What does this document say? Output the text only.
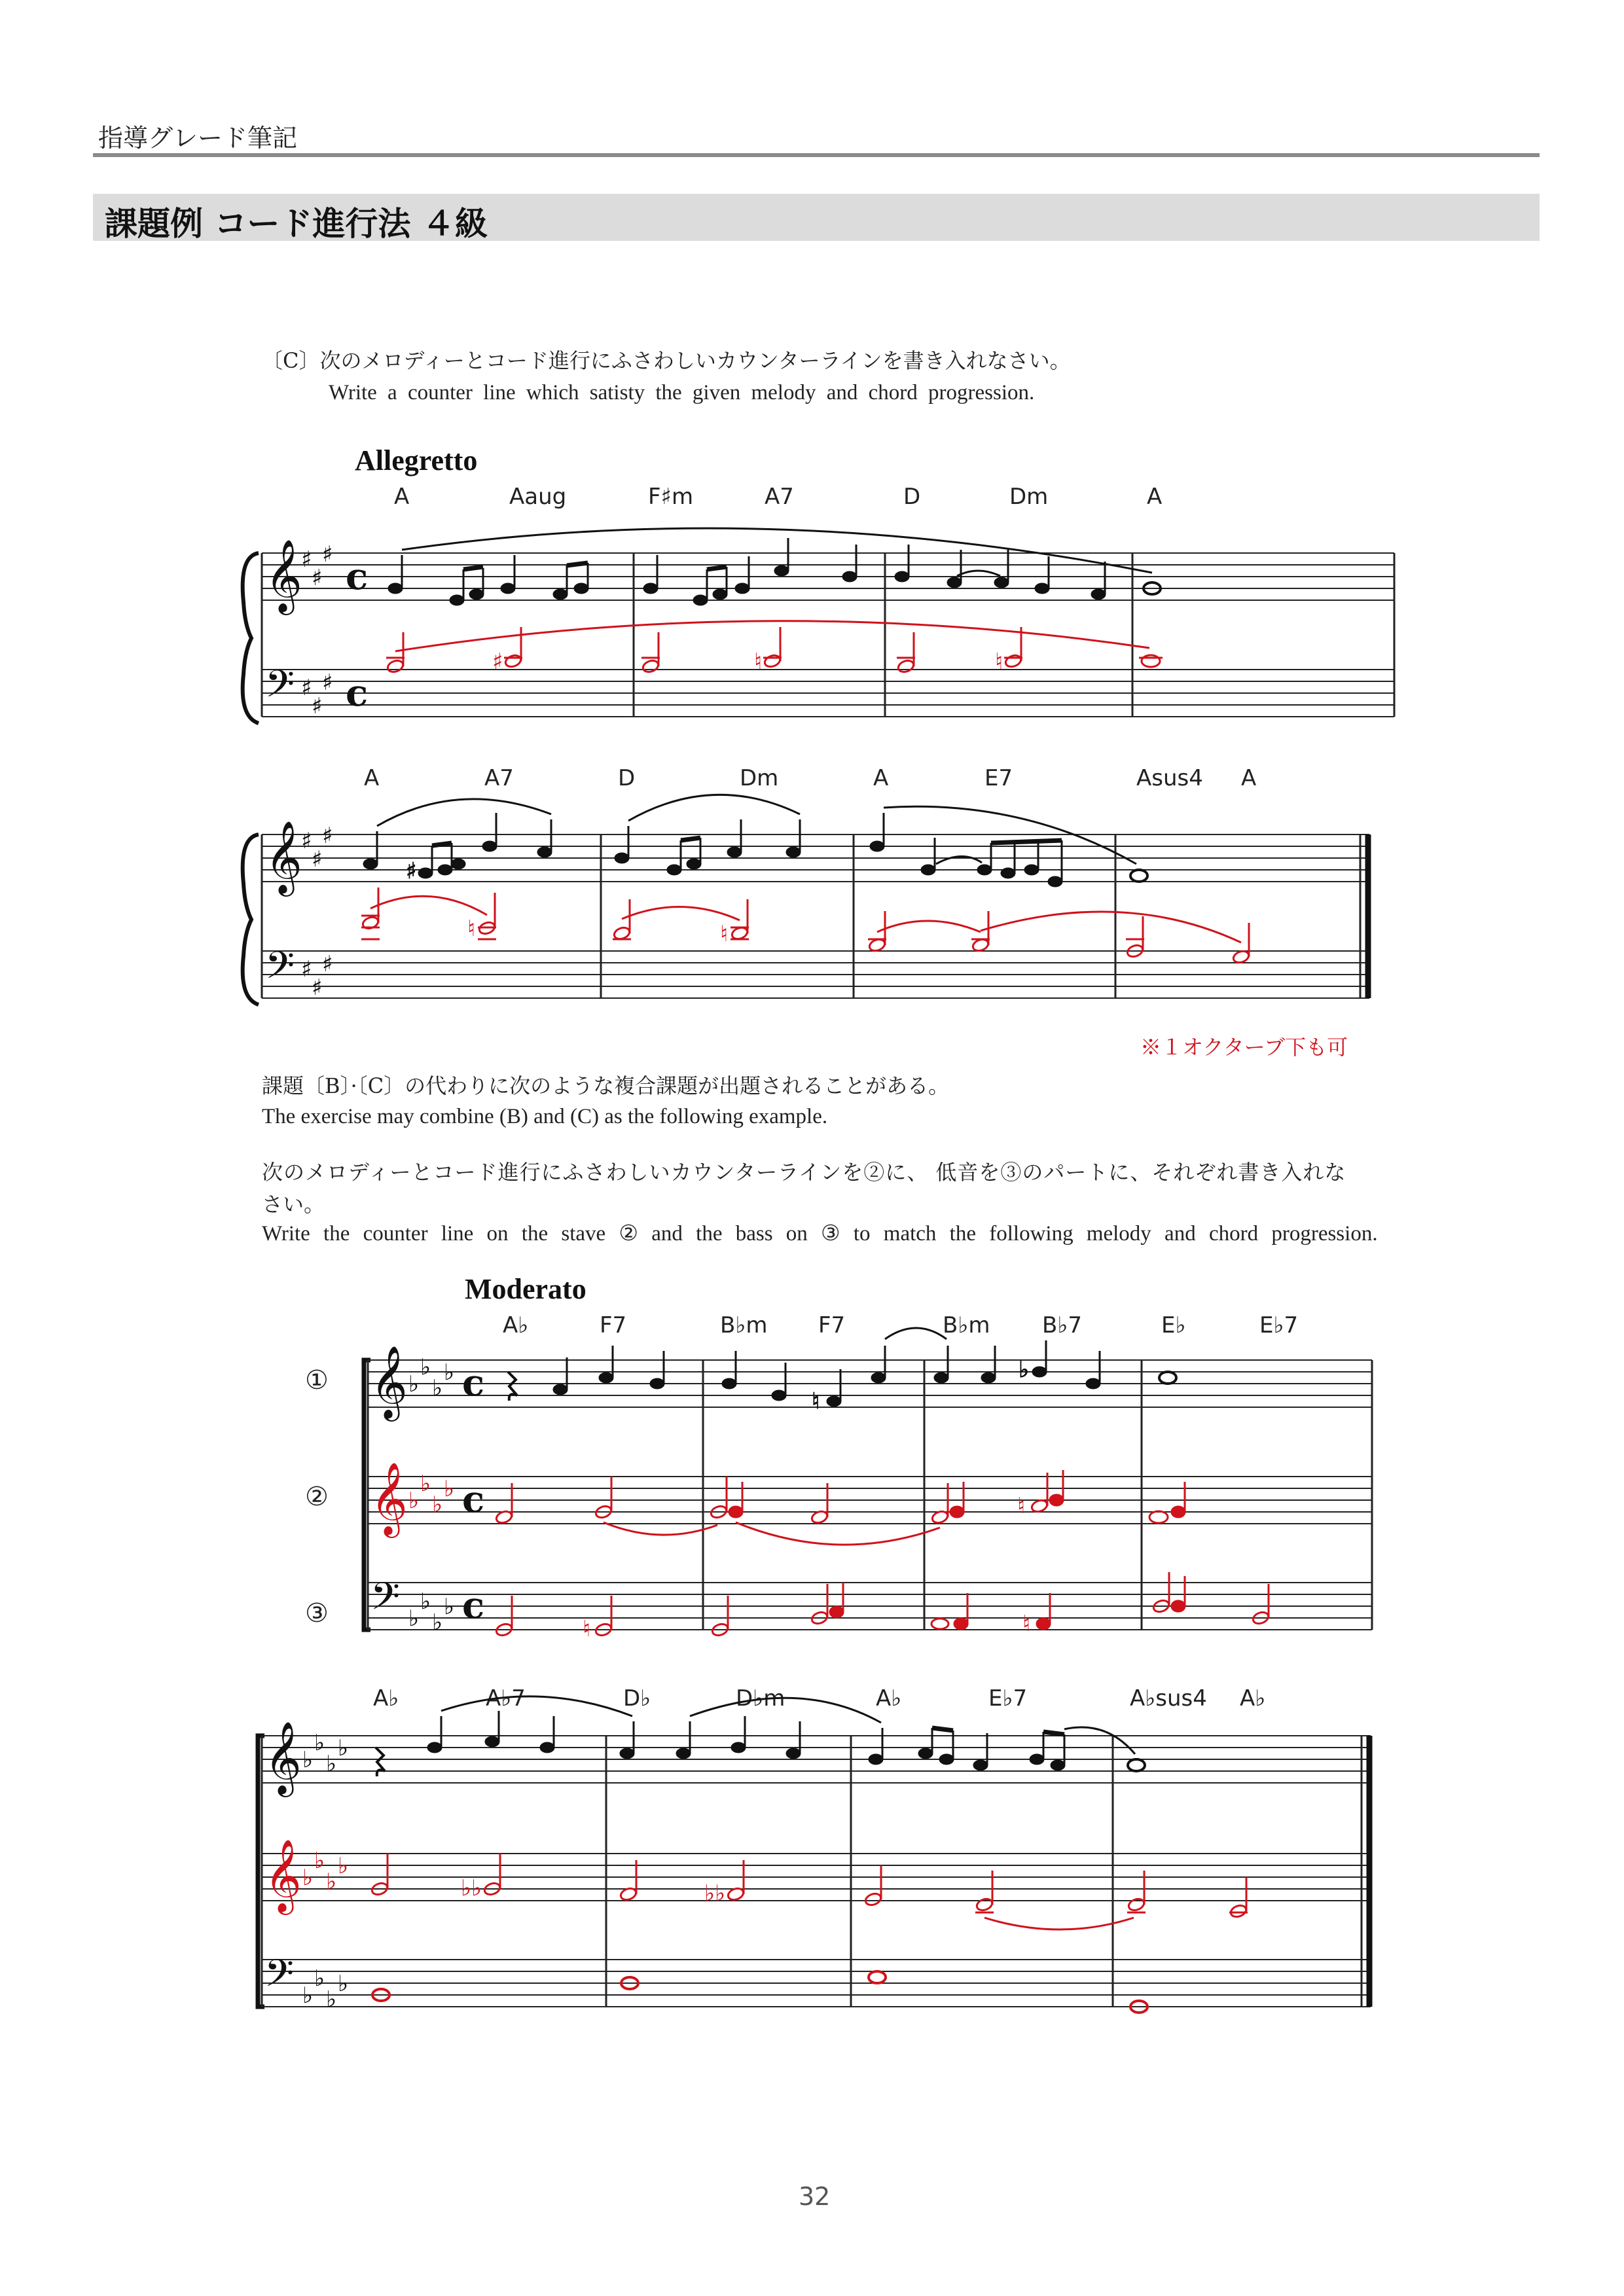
指導グレード筆記
課題例 コード進行法 ４級
〔C〕次のメロディーとコード進行にふさわしいカウンターラインを書き入れなさい。
Write a counter line which satisty the given melody and chord progression.
Allegretto
A	Aaug	F♯m	A7	D	Dm	A
𝄞
𝄢
♯
♯
♯
♯
♯
♯
c
c
♯	♮	♮
A	A7	D	Dm	A	E7	Asus4 A
𝄞
𝄢
♯
♯
♯
♯
♯
♯
♯
♮	♮
※１オクターブ下も可
課題〔B〕·〔C〕の代わりに次のような複合課題が出題されることがある。
The exercise may combine (B) and (C) as the following example.
次のメロディーとコード進行にふさわしいカウンターラインを②に、 低音を③のパートに、それぞれ書き入れな
さい。
Write the counter line on the stave ② and the bass on ③ to match the following melody and chord progression.
Moderato
A♭	F7	B♭m F7	B♭m B♭7	E♭	E♭7
①
②
③
𝄞
𝄞
𝄢
♭
♭
♭
♭
♭
♭
♭
♭
♭
♭
♭
♭
c
c
c
♮
♭
♮
♮	♮
A♭	A♭7	D♭	D♭m	A♭	E♭7	A♭sus4 A♭
𝄞
𝄞
𝄢
♭
♭
♭
♭
♭
♭
♭
♭
♭
♭
♭
♭
♭♭	♭♭
32
